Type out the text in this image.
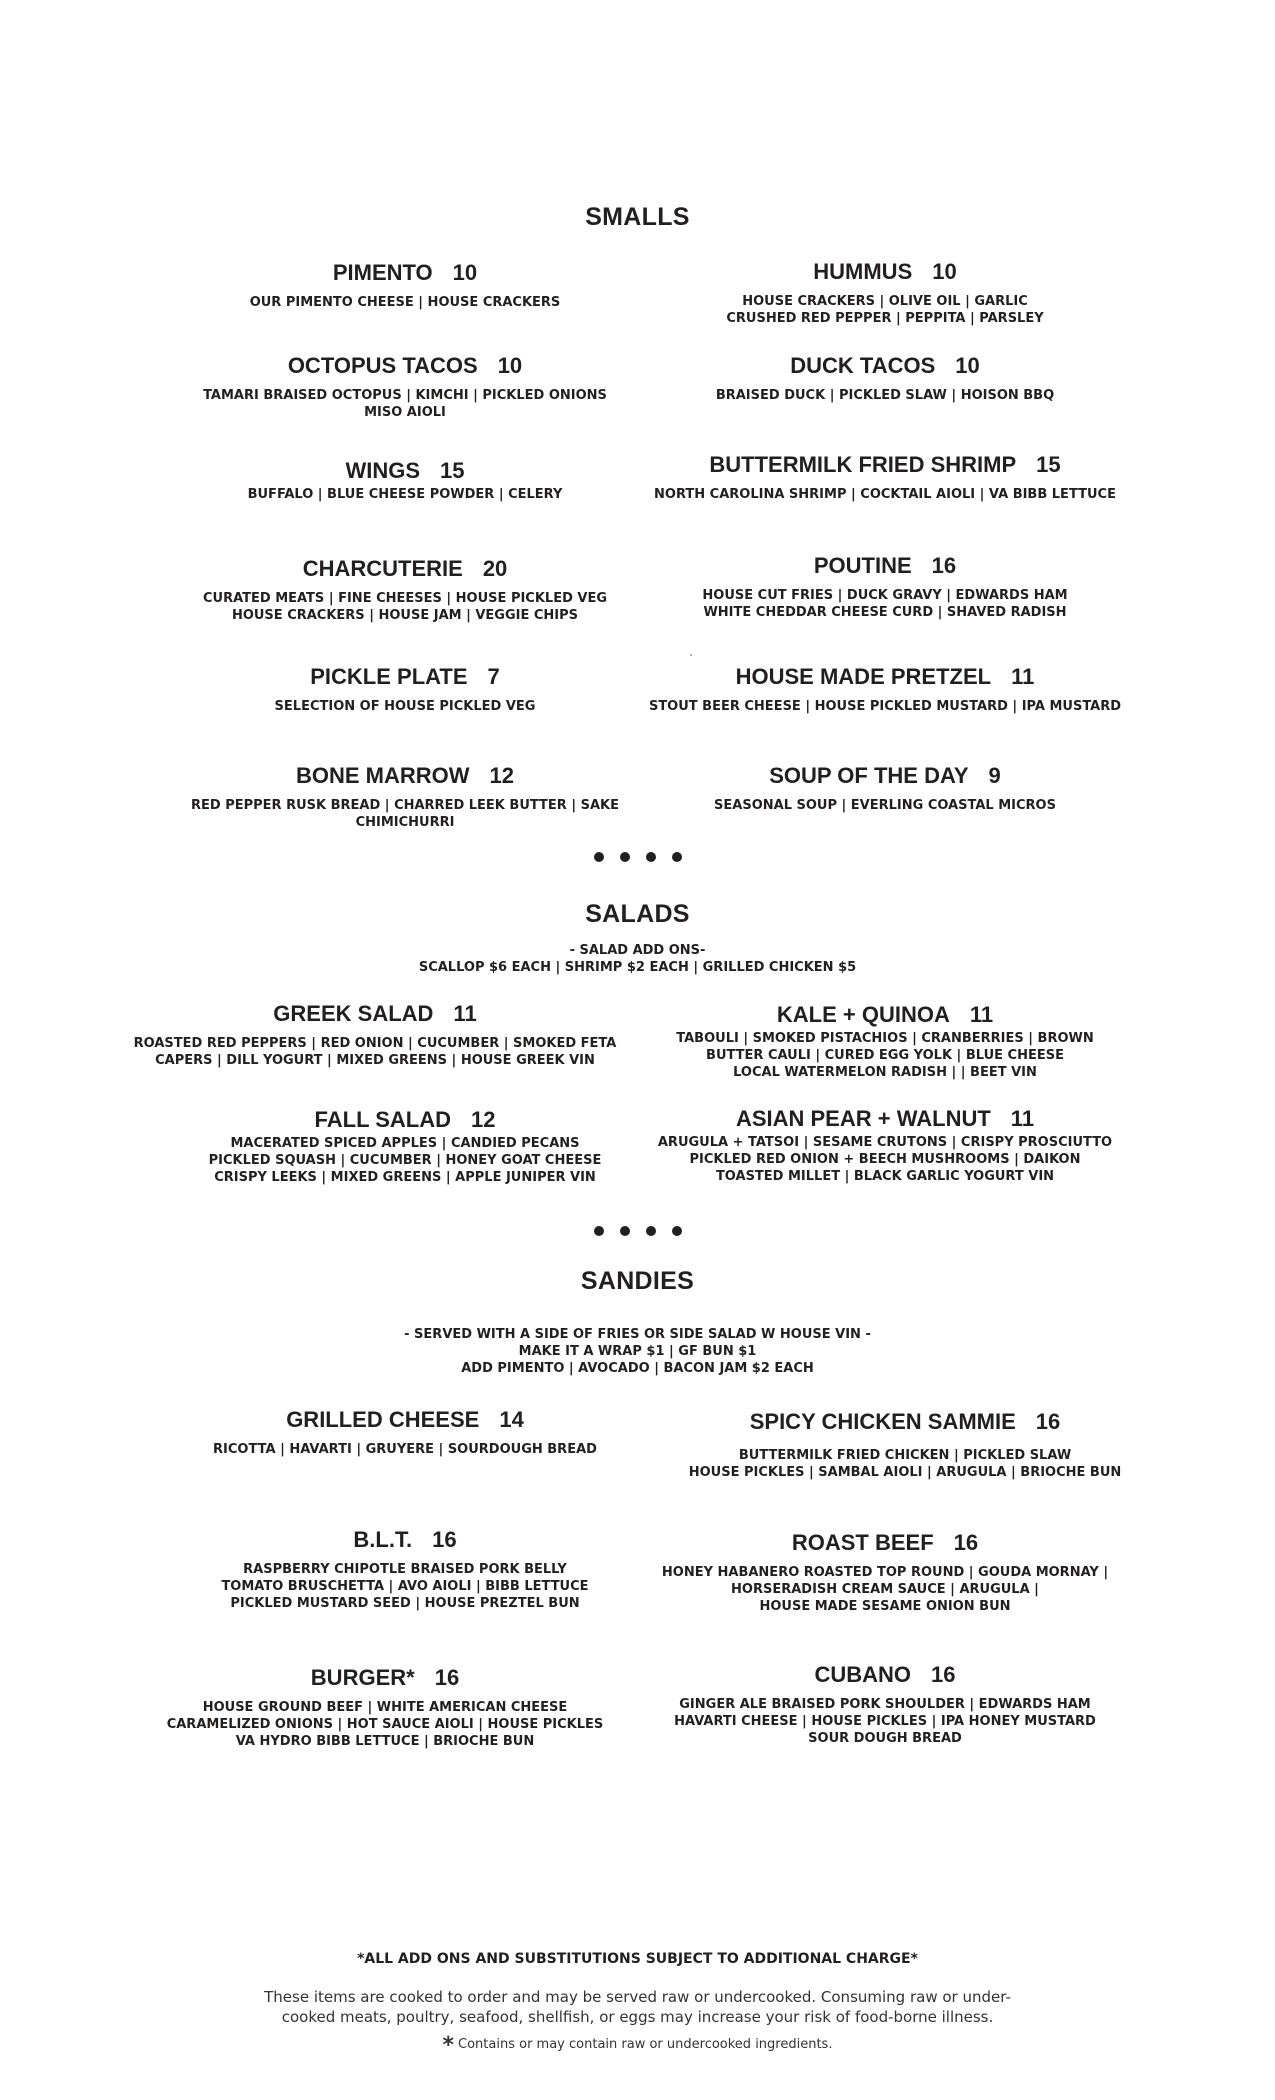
SMALLS
PIMENTO 10
OUR PIMENTO CHEESE | HOUSE CRACKERS
HUMMUS 10
HOUSE CRACKERS | OLIVE OIL | GARLIC
CRUSHED RED PEPPER | PEPPITA | PARSLEY
OCTOPUS TACOS 10
TAMARI BRAISED OCTOPUS | KIMCHI | PICKLED ONIONS
MISO AIOLI
DUCK TACOS 10
BRAISED DUCK | PICKLED SLAW | HOISON BBQ
WINGS 15
BUFFALO | BLUE CHEESE POWDER | CELERY
BUTTERMILK FRIED SHRIMP 15
NORTH CAROLINA SHRIMP | COCKTAIL AIOLI | VA BIBB LETTUCE
CHARCUTERIE 20
CURATED MEATS | FINE CHEESES | HOUSE PICKLED VEG
HOUSE CRACKERS | HOUSE JAM | VEGGIE CHIPS
POUTINE 16
HOUSE CUT FRIES | DUCK GRAVY | EDWARDS HAM
WHITE CHEDDAR CHEESE CURD | SHAVED RADISH
PICKLE PLATE 7
SELECTION OF HOUSE PICKLED VEG
HOUSE MADE PRETZEL 11
STOUT BEER CHEESE | HOUSE PICKLED MUSTARD | IPA MUSTARD
BONE MARROW 12
RED PEPPER RUSK BREAD | CHARRED LEEK BUTTER | SAKE
CHIMICHURRI
SOUP OF THE DAY 9
SEASONAL SOUP | EVERLING COASTAL MICROS
SALADS
- SALAD ADD ONS-
SCALLOP $6 EACH | SHRIMP $2 EACH | GRILLED CHICKEN $5
GREEK SALAD 11
ROASTED RED PEPPERS | RED ONION | CUCUMBER | SMOKED FETA
CAPERS | DILL YOGURT | MIXED GREENS | HOUSE GREEK VIN
KALE + QUINOA 11
TABOULI | SMOKED PISTACHIOS | CRANBERRIES | BROWN
BUTTER CAULI | CURED EGG YOLK | BLUE CHEESE
LOCAL WATERMELON RADISH | | BEET VIN
FALL SALAD 12
MACERATED SPICED APPLES | CANDIED PECANS
PICKLED SQUASH | CUCUMBER | HONEY GOAT CHEESE
CRISPY LEEKS | MIXED GREENS | APPLE JUNIPER VIN
ASIAN PEAR + WALNUT 11
ARUGULA + TATSOI | SESAME CRUTONS | CRISPY PROSCIUTTO
PICKLED RED ONION + BEECH MUSHROOMS | DAIKON
TOASTED MILLET | BLACK GARLIC YOGURT VIN
SANDIES
- SERVED WITH A SIDE OF FRIES OR SIDE SALAD W HOUSE VIN -
MAKE IT A WRAP $1 | GF BUN $1
ADD PIMENTO | AVOCADO | BACON JAM $2 EACH
GRILLED CHEESE 14
RICOTTA | HAVARTI | GRUYERE | SOURDOUGH BREAD
SPICY CHICKEN SAMMIE 16
BUTTERMILK FRIED CHICKEN | PICKLED SLAW
HOUSE PICKLES | SAMBAL AIOLI | ARUGULA | BRIOCHE BUN
B.L.T. 16
RASPBERRY CHIPOTLE BRAISED PORK BELLY
TOMATO BRUSCHETTA | AVO AIOLI | BIBB LETTUCE
PICKLED MUSTARD SEED | HOUSE PREZTEL BUN
ROAST BEEF 16
HONEY HABANERO ROASTED TOP ROUND | GOUDA MORNAY |
HORSERADISH CREAM SAUCE | ARUGULA |
HOUSE MADE SESAME ONION BUN
BURGER* 16
HOUSE GROUND BEEF | WHITE AMERICAN CHEESE
CARAMELIZED ONIONS | HOT SAUCE AIOLI | HOUSE PICKLES
VA HYDRO BIBB LETTUCE | BRIOCHE BUN
CUBANO 16
GINGER ALE BRAISED PORK SHOULDER | EDWARDS HAM
HAVARTI CHEESE | HOUSE PICKLES | IPA HONEY MUSTARD
SOUR DOUGH BREAD
*ALL ADD ONS AND SUBSTITUTIONS SUBJECT TO ADDITIONAL CHARGE*
These items are cooked to order and may be served raw or undercooked. Consuming raw or under-
cooked meats, poultry, seafood, shellfish, or eggs may increase your risk of food-borne illness.
* Contains or may contain raw or undercooked ingredients.
